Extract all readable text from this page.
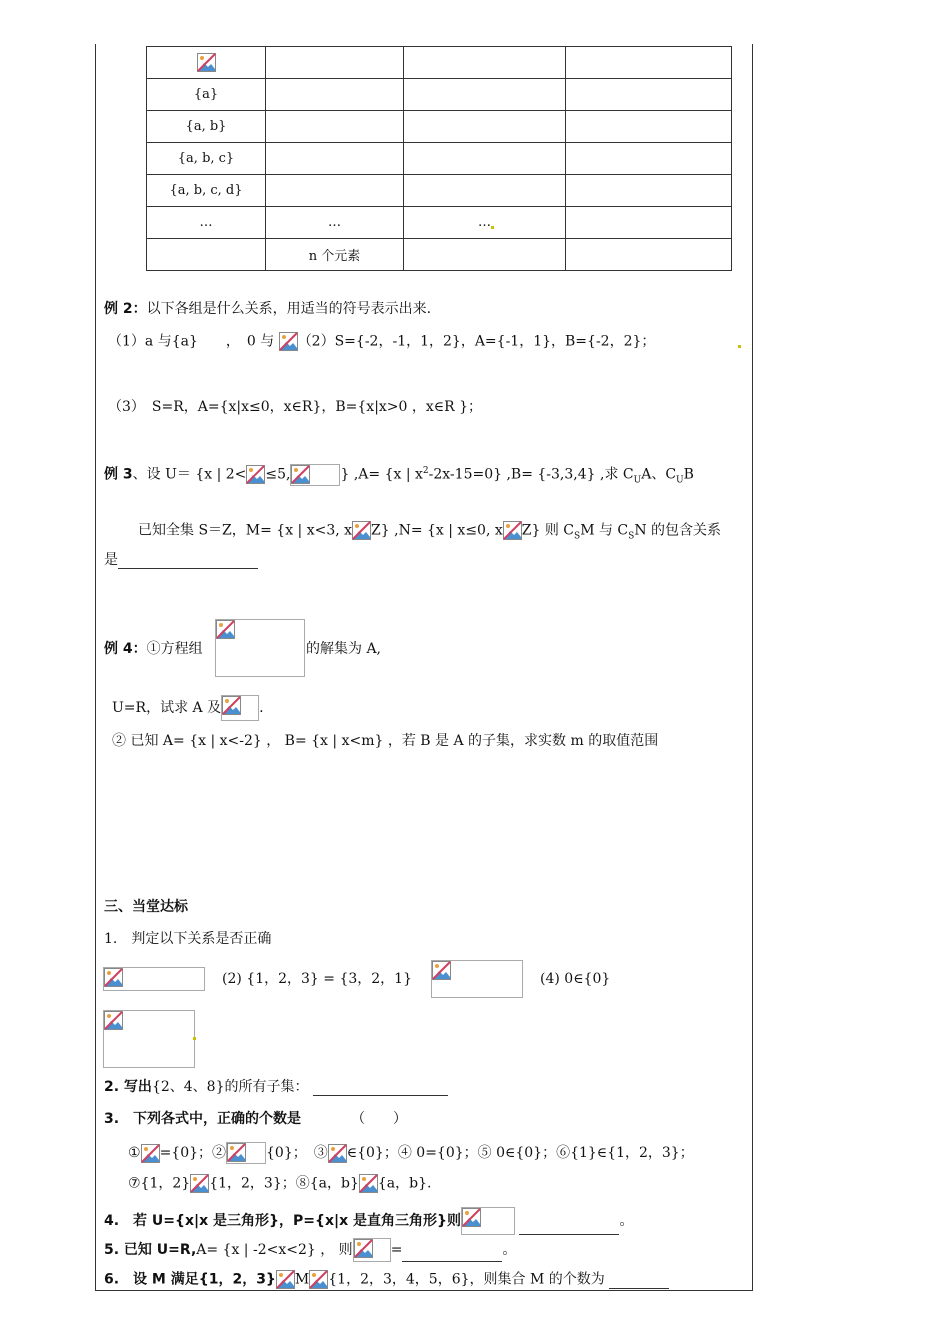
{a}			
{a, b}			
{a, b, c}			
{a, b, c, d}			
…	…	…	
	n 个元素		
例 2：以下各组是什么关系，用适当的符号表示出来.
（1）a 与{a}　　，　0 与 （2）S={-2，-1，1，2}，A={-1，1}，B={-2，2}；
（3）　S=R，A={x|x≤0，x∈R}，B={x|x>0 ，x∈R }；
例 3、设 U＝ {x | 2< ≤5,	} ,A= {x | $x^2-2x-15=0$} ,B= {-3,3,4} ,求 $C_UA$、$C_UB$
已知全集 S＝Z，M= {x | x<3, x Z} ,N= {x | x≤0, x Z} 则 $C_SM$ 与 $C_SN$ 的包含关系
是
例 4：①方程组	的解集为 A,
U=R，试求 A 及	.
② 已知 A= {x | x<-2} ， B= {x | x<m} ，若 B 是 A 的子集，求实数 m 的取值范围
三、当堂达标
1.　判定以下关系是否正确
(2) {1，2，3} = {3，2，1}	(4) 0∈{0}
2. 写出{2、4、8}的所有子集：
3.　下列各式中，正确的个数是	（　　）
① ={0}；②	{0}；　③ ∈{0}；④ 0={0}；⑤ 0∈{0}；⑥{1}∈{1，2，3}；
⑦{1，2} {1，2，3}；⑧{a，b} {a，b}.
4.　若 U={x|x 是三角形}，P={x|x 是直角三角形}则	。
5. 已知 U=R,A= {x | -2<x<2} ， 则	=	。
6.　设 M 满足{1，2，3} M {1，2，3，4，5，6}，则集合 M 的个数为
